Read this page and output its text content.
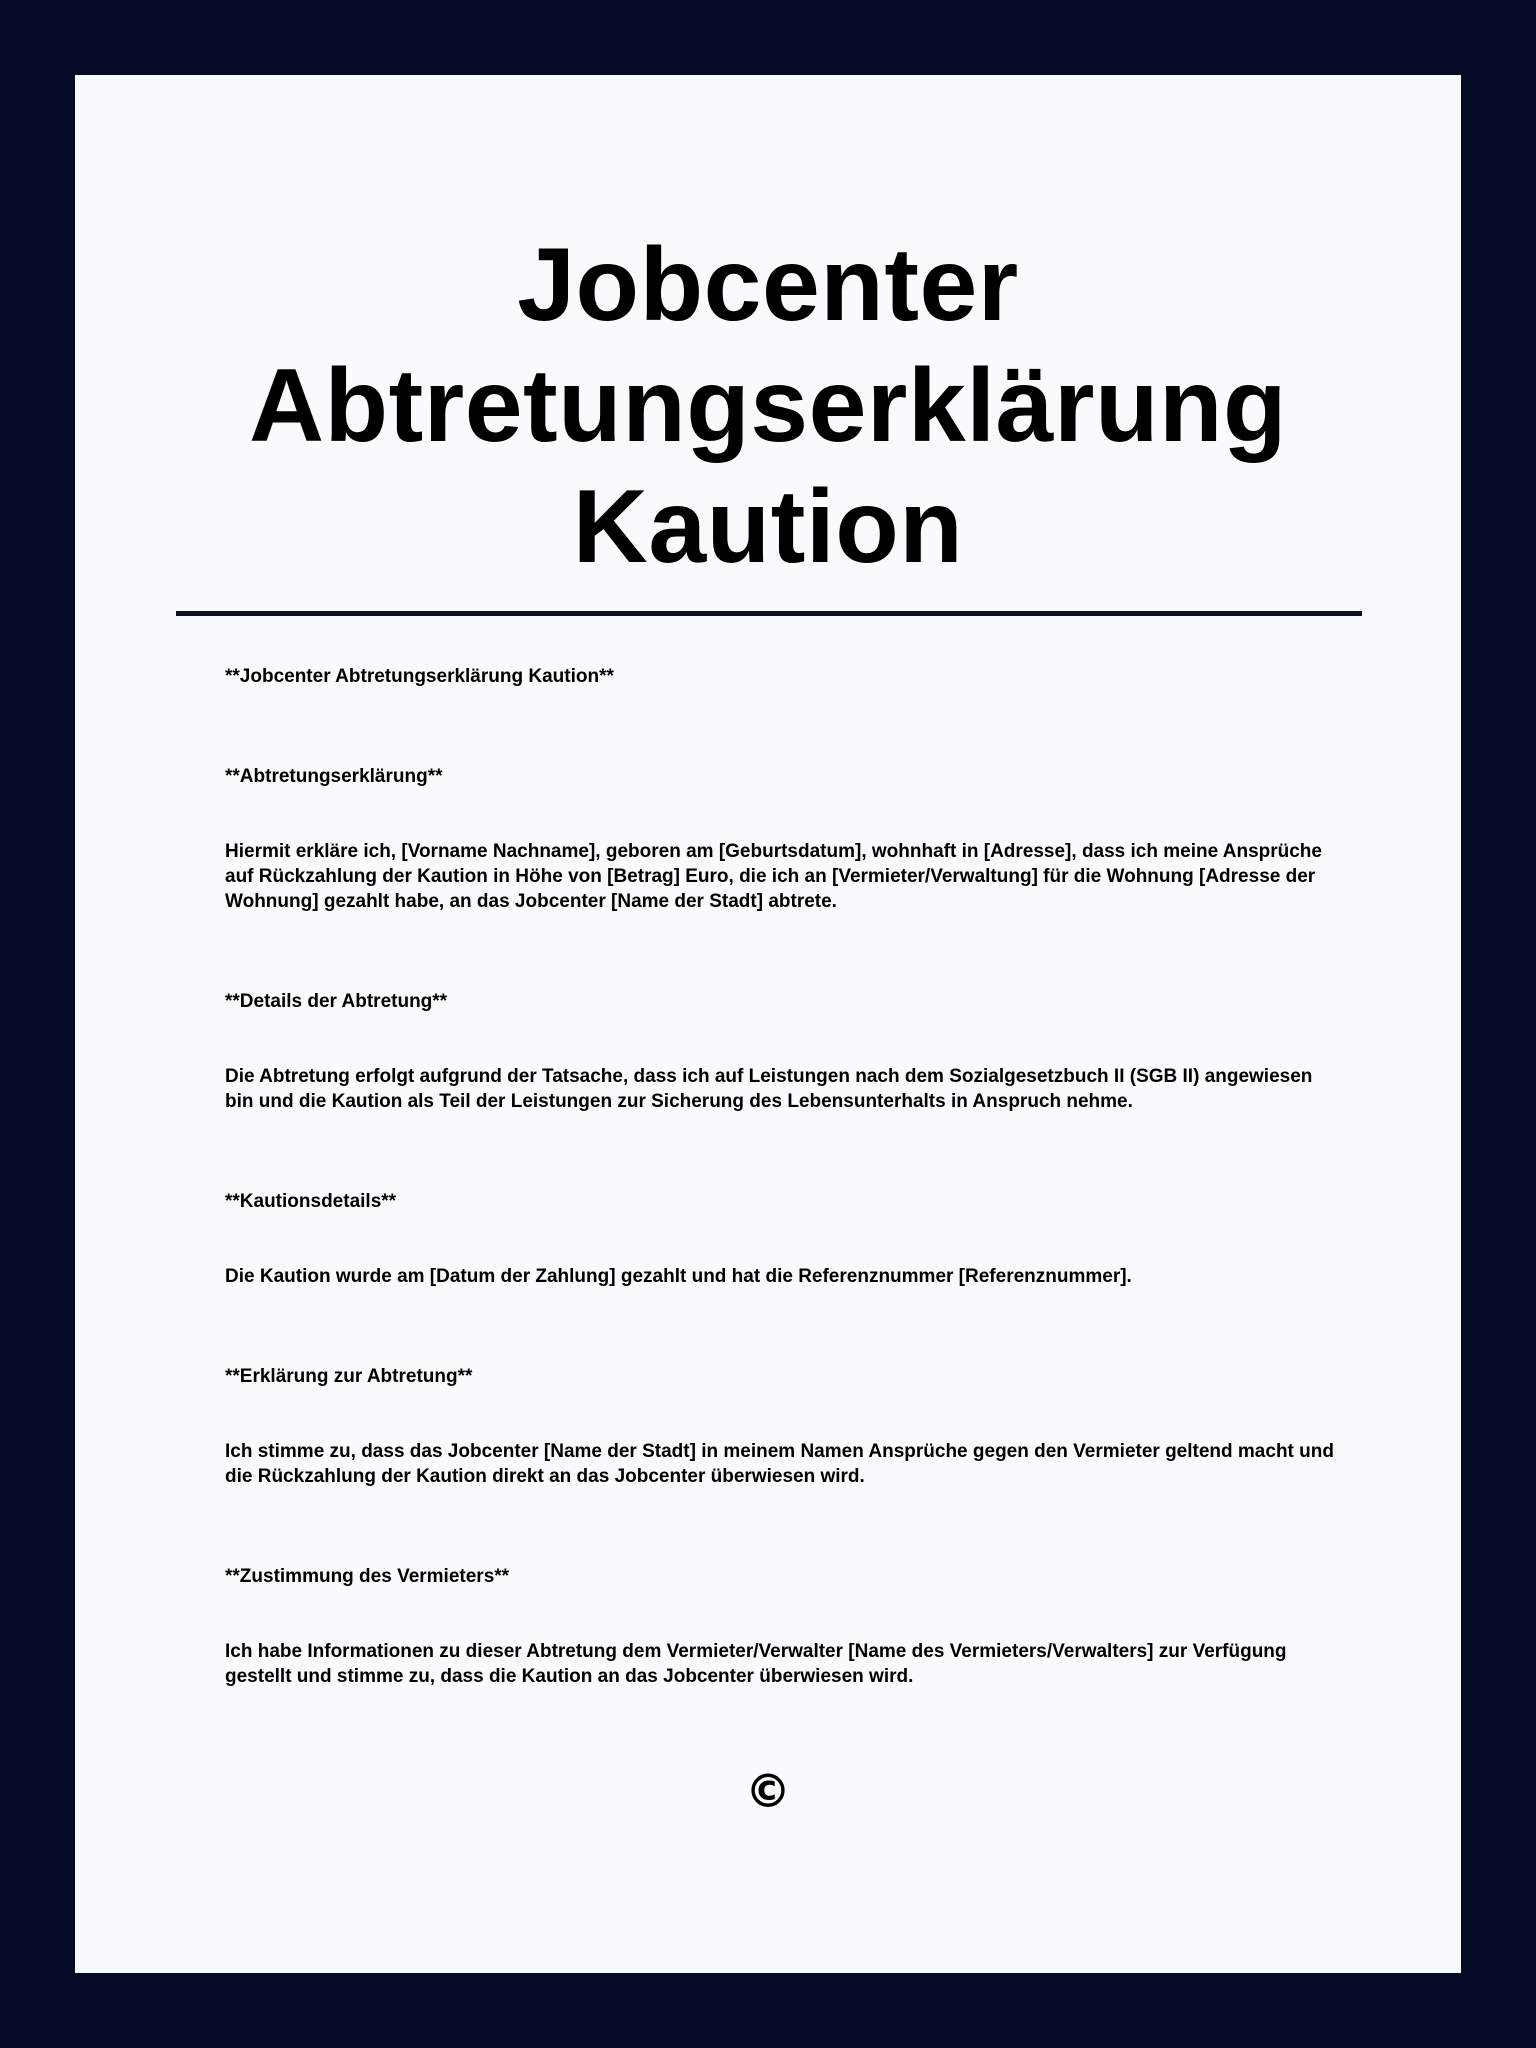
Jobcenter
Abtretungserklärung
Kaution

**Jobcenter Abtretungserklärung Kaution**

**Abtretungserklärung**

Hiermit erkläre ich, [Vorname Nachname], geboren am [Geburtsdatum], wohnhaft in [Adresse], dass ich meine Ansprüche auf Rückzahlung der Kaution in Höhe von [Betrag] Euro, die ich an [Vermieter/Verwaltung] für die Wohnung [Adresse der Wohnung] gezahlt habe, an das Jobcenter [Name der Stadt] abtrete.

**Details der Abtretung**

Die Abtretung erfolgt aufgrund der Tatsache, dass ich auf Leistungen nach dem Sozialgesetzbuch II (SGB II) angewiesen bin und die Kaution als Teil der Leistungen zur Sicherung des Lebensunterhalts in Anspruch nehme.

**Kautionsdetails**

Die Kaution wurde am [Datum der Zahlung] gezahlt und hat die Referenznummer [Referenznummer].

**Erklärung zur Abtretung**

Ich stimme zu, dass das Jobcenter [Name der Stadt] in meinem Namen Ansprüche gegen den Vermieter geltend macht und die Rückzahlung der Kaution direkt an das Jobcenter überwiesen wird.

**Zustimmung des Vermieters**

Ich habe Informationen zu dieser Abtretung dem Vermieter/Verwalter [Name des Vermieters/Verwalters] zur Verfügung gestellt und stimme zu, dass die Kaution an das Jobcenter überwiesen wird.

©
